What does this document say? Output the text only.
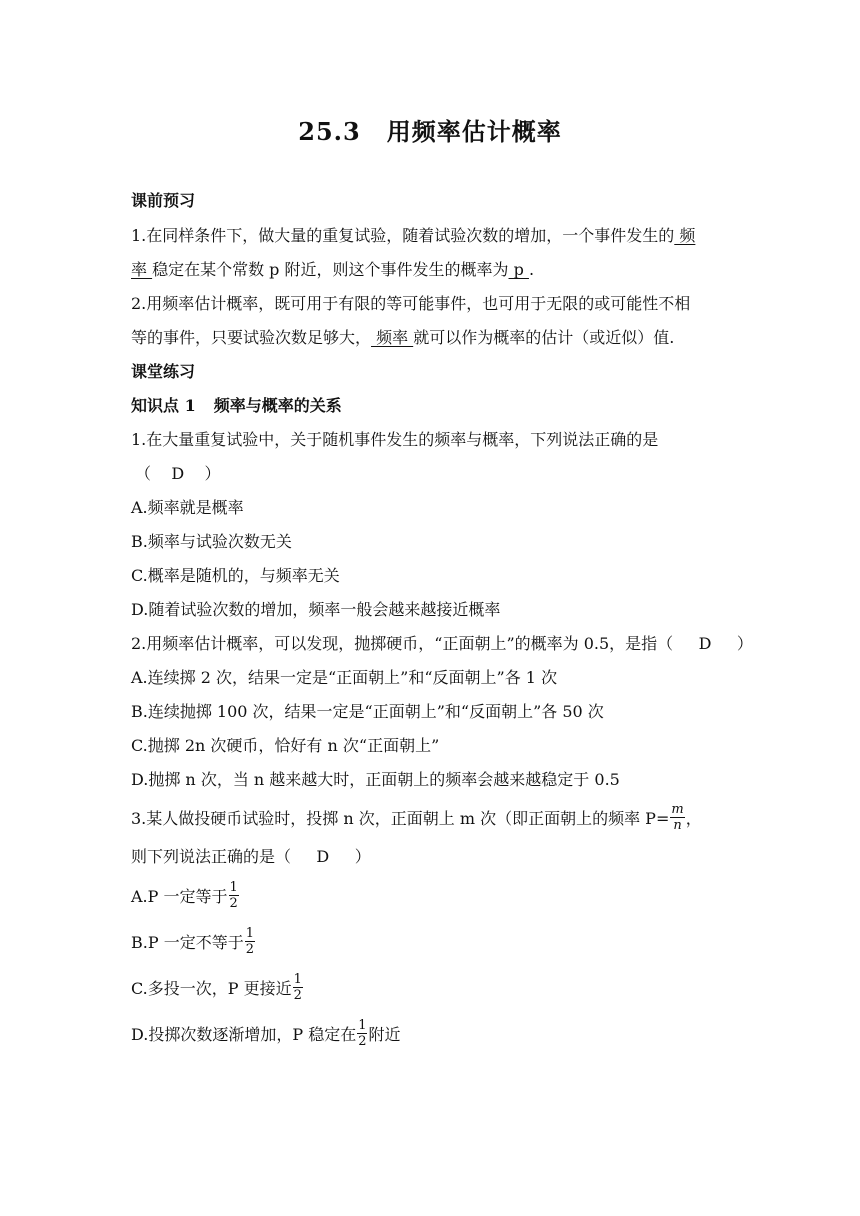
25.3 用频率估计概率
课前预习
1.在同样条件下，做大量的重复试验，随着试验次数的增加，一个事件发生的 频
率 稳定在某个常数 p 附近，则这个事件发生的概率为 p .
2.用频率估计概率，既可用于有限的等可能事件，也可用于无限的或可能性不相
等的事件，只要试验次数足够大， 频率 就可以作为概率的估计（或近似）值.
课堂练习
知识点 1 频率与概率的关系
1.在大量重复试验中，关于随机事件发生的频率与概率，下列说法正确的是
（    D    ）
A.频率就是概率
B.频率与试验次数无关
C.概率是随机的，与频率无关
D.随着试验次数的增加，频率一般会越来越接近概率
2.用频率估计概率，可以发现，抛掷硬币，“正面朝上”的概率为 0.5，是指（     D     ）
A.连续掷 2 次，结果一定是“正面朝上”和“反面朝上”各 1 次
B.连续抛掷 100 次，结果一定是“正面朝上”和“反面朝上”各 50 次
C.抛掷 2n 次硬币，恰好有 n 次“正面朝上”
D.抛掷 n 次，当 n 越来越大时，正面朝上的频率会越来越稳定于 0.5
3.某人做投硬币试验时，投掷 n 次，正面朝上 m 次（即正面朝上的频率 $P= \frac{m}{n}$ ，
则下列说法正确的是（     D     ）
A.P 一定等于 $\frac{1}{2}$
B.P 一定不等于 $\frac{1}{2}$
C.多投一次，P 更接近 $\frac{1}{2}$
D.投掷次数逐渐增加，P 稳定在 $\frac{1}{2}$ 附近
